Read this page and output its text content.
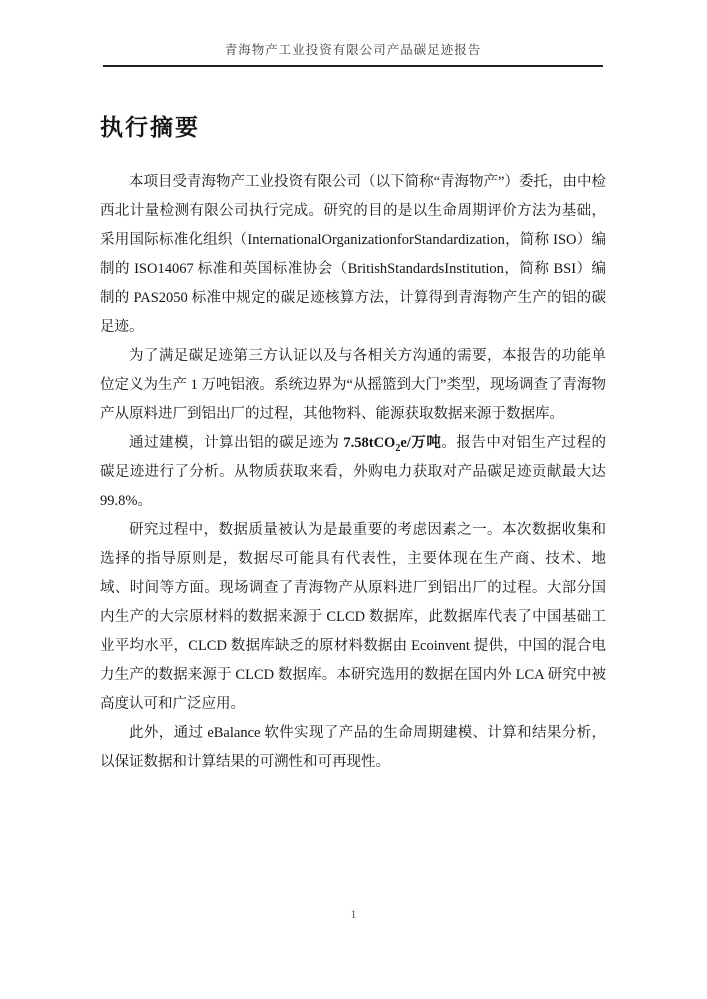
青海物产工业投资有限公司产品碳足迹报告
执行摘要

本项目受青海物产工业投资有限公司（以下简称“青海物产”）委托，由中检西北计量检测有限公司执行完成。研究的目的是以生命周期评价方法为基础，采用国际标准化组织（InternationalOrganizationforStandardization，简称 ISO）编制的 ISO14067 标准和英国标准协会（BritishStandardsInstitution，简称 BSI）编制的 PAS2050 标准中规定的碳足迹核算方法，计算得到青海物产生产的铝的碳足迹。

为了满足碳足迹第三方认证以及与各相关方沟通的需要，本报告的功能单位定义为生产 1 万吨铝液。系统边界为“从摇篮到大门”类型，现场调查了青海物产从原料进厂到铝出厂的过程，其他物料、能源获取数据来源于数据库。

通过建模，计算出铝的碳足迹为 7.58tCO$_2$e/万吨。报告中对铝生产过程的碳足迹进行了分析。从物质获取来看，外购电力获取对产品碳足迹贡献最大达 99.8%。

研究过程中，数据质量被认为是最重要的考虑因素之一。本次数据收集和选择的指导原则是，数据尽可能具有代表性，主要体现在生产商、技术、地域、时间等方面。现场调查了青海物产从原料进厂到铝出厂的过程。大部分国内生产的大宗原材料的数据来源于 CLCD 数据库，此数据库代表了中国基础工业平均水平，CLCD 数据库缺乏的原材料数据由 Ecoinvent 提供，中国的混合电力生产的数据来源于 CLCD 数据库。本研究选用的数据在国内外 LCA 研究中被高度认可和广泛应用。

此外，通过 eBalance 软件实现了产品的生命周期建模、计算和结果分析，以保证数据和计算结果的可溯性和可再现性。

1
